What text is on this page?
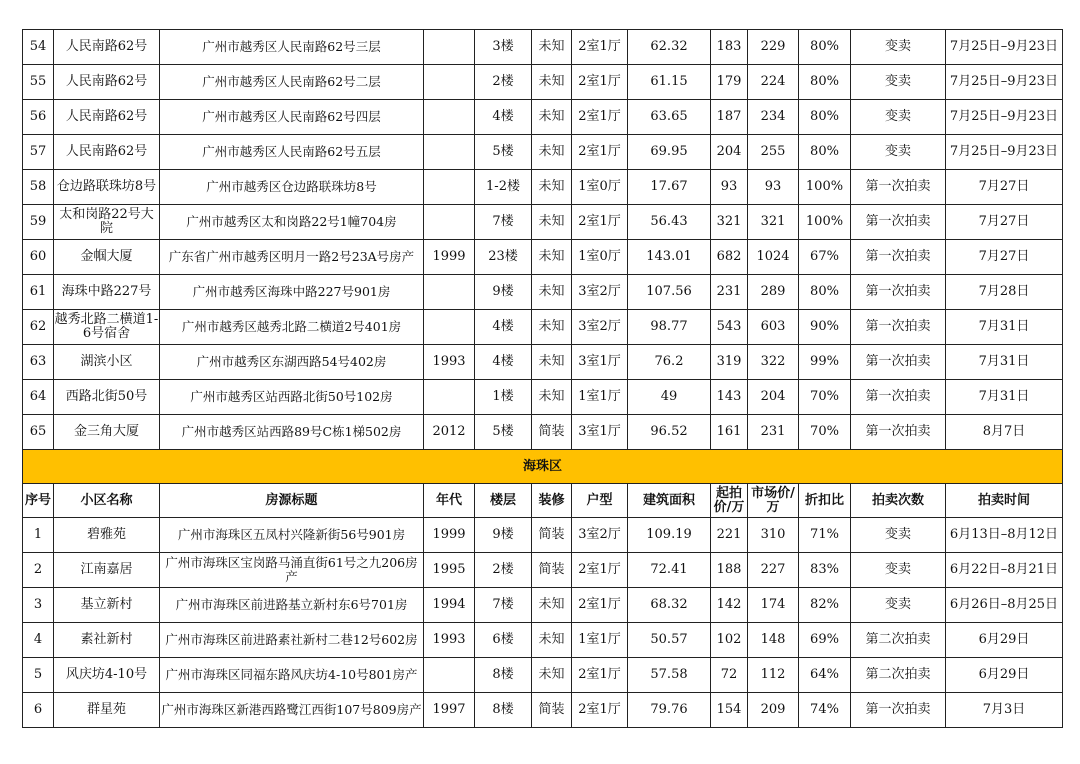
54	人民南路62号	广州市越秀区人民南路62号三层		3楼	未知	2室1厅	62.32	183	229	80%	变卖	7月25日–9月23日
55	人民南路62号	广州市越秀区人民南路62号二层		2楼	未知	2室1厅	61.15	179	224	80%	变卖	7月25日–9月23日
56	人民南路62号	广州市越秀区人民南路62号四层		4楼	未知	2室1厅	63.65	187	234	80%	变卖	7月25日–9月23日
57	人民南路62号	广州市越秀区人民南路62号五层		5楼	未知	2室1厅	69.95	204	255	80%	变卖	7月25日–9月23日
58	仓边路联珠坊8号	广州市越秀区仓边路联珠坊8号		1-2楼	未知	1室0厅	17.67	93	93	100%	第一次拍卖	7月27日
59	太和岗路22号大院	广州市越秀区太和岗路22号1幢704房		7楼	未知	2室1厅	56.43	321	321	100%	第一次拍卖	7月27日
60	金帼大厦	广东省广州市越秀区明月一路2号23A号房产	1999	23楼	未知	1室0厅	143.01	682	1024	67%	第一次拍卖	7月27日
61	海珠中路227号	广州市越秀区海珠中路227号901房		9楼	未知	3室2厅	107.56	231	289	80%	第一次拍卖	7月28日
62	越秀北路二横道1-6号宿舍	广州市越秀区越秀北路二横道2号401房		4楼	未知	3室2厅	98.77	543	603	90%	第一次拍卖	7月31日
63	湖滨小区	广州市越秀区东湖西路54号402房	1993	4楼	未知	3室1厅	76.2	319	322	99%	第一次拍卖	7月31日
64	西路北街50号	广州市越秀区站西路北街50号102房		1楼	未知	1室1厅	49	143	204	70%	第一次拍卖	7月31日
65	金三角大厦	广州市越秀区站西路89号C栋1梯502房	2012	5楼	简装	3室1厅	96.52	161	231	70%	第一次拍卖	8月7日
海珠区												
序号	小区名称	房源标题	年代	楼层	装修	户型	建筑面积	起拍价/万	市场价/万	折扣比	拍卖次数	拍卖时间
1	碧雅苑	广州市海珠区五凤村兴隆新街56号901房	1999	9楼	简装	3室2厅	109.19	221	310	71%	变卖	6月13日–8月12日
2	江南嘉居	广州市海珠区宝岗路马涌直街61号之九206房产	1995	2楼	简装	2室1厅	72.41	188	227	83%	变卖	6月22日–8月21日
3	基立新村	广州市海珠区前进路基立新村东6号701房	1994	7楼	未知	2室1厅	68.32	142	174	82%	变卖	6月26日–8月25日
4	素社新村	广州市海珠区前进路素社新村二巷12号602房	1993	6楼	未知	1室1厅	50.57	102	148	69%	第二次拍卖	6月29日
5	风庆坊4-10号	广州市海珠区同福东路风庆坊4-10号801房产		8楼	未知	2室1厅	57.58	72	112	64%	第二次拍卖	6月29日
6	群星苑	广州市海珠区新港西路鹭江西街107号809房产	1997	8楼	简装	2室1厅	79.76	154	209	74%	第一次拍卖	7月3日
